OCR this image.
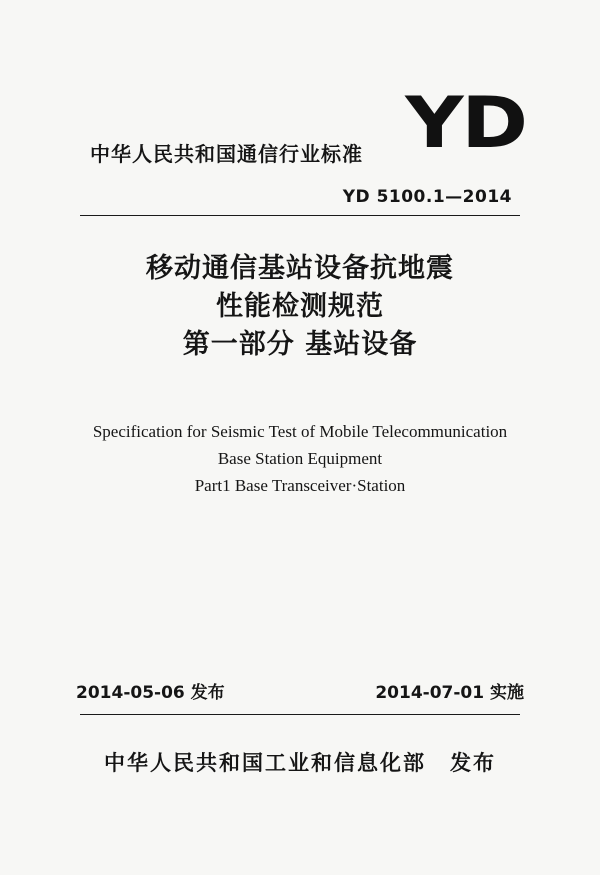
YD
中华人民共和国通信行业标准
YD 5100.1—2014
移动通信基站设备抗地震
性能检测规范
第一部分 基站设备
Specification for Seismic Test of Mobile Telecommunication
Base Station Equipment
Part1 Base Transceiver·Station
2014-05-06 发布	2014-07-01 实施
中华人民共和国工业和信息化部 发布
